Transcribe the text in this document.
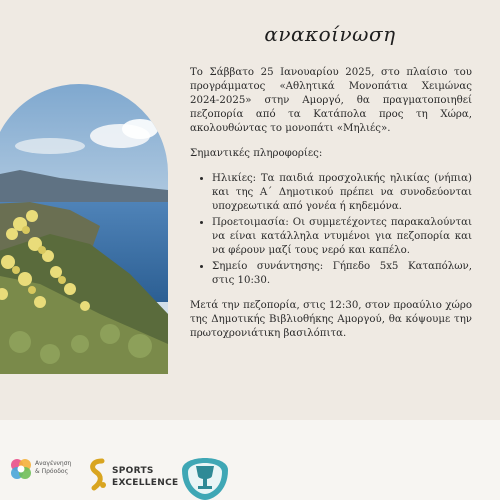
ανακοίνωση

Το Σάββατο 25 Ιανουαρίου 2025, στο πλαίσιο του προγράμματος «Αθλητικά Μονοπάτια Χειμώνας 2024-2025» στην Αμοργό, θα πραγματοποιηθεί πεζοπορία από τα Κατάπολα προς τη Χώρα, ακολουθώντας το μονοπάτι «Μηλιές».

Σημαντικές πληροφορίες:

• Ηλικίες: Τα παιδιά προσχολικής ηλικίας (νήπια) και της Α΄ Δημοτικού πρέπει να συνοδεύονται υποχρεωτικά από γονέα ή κηδεμόνα.
• Προετοιμασία: Οι συμμετέχοντες παρακαλούνται να είναι κατάλληλα ντυμένοι για πεζοπορία και να φέρουν μαζί τους νερό και καπέλο.
• Σημείο συνάντησης: Γήπεδο 5x5 Καταπόλων, στις 10:30.

Μετά την πεζοπορία, στις 12:30, στον προαύλιο χώρο της Δημοτικής Βιβλιοθήκης Αμοργού, θα κόψουμε την πρωτοχρονιάτικη βασιλόπιτα.

Αναγέννηση
& Πρόοδος	SPORTS
EXCELLENCE
